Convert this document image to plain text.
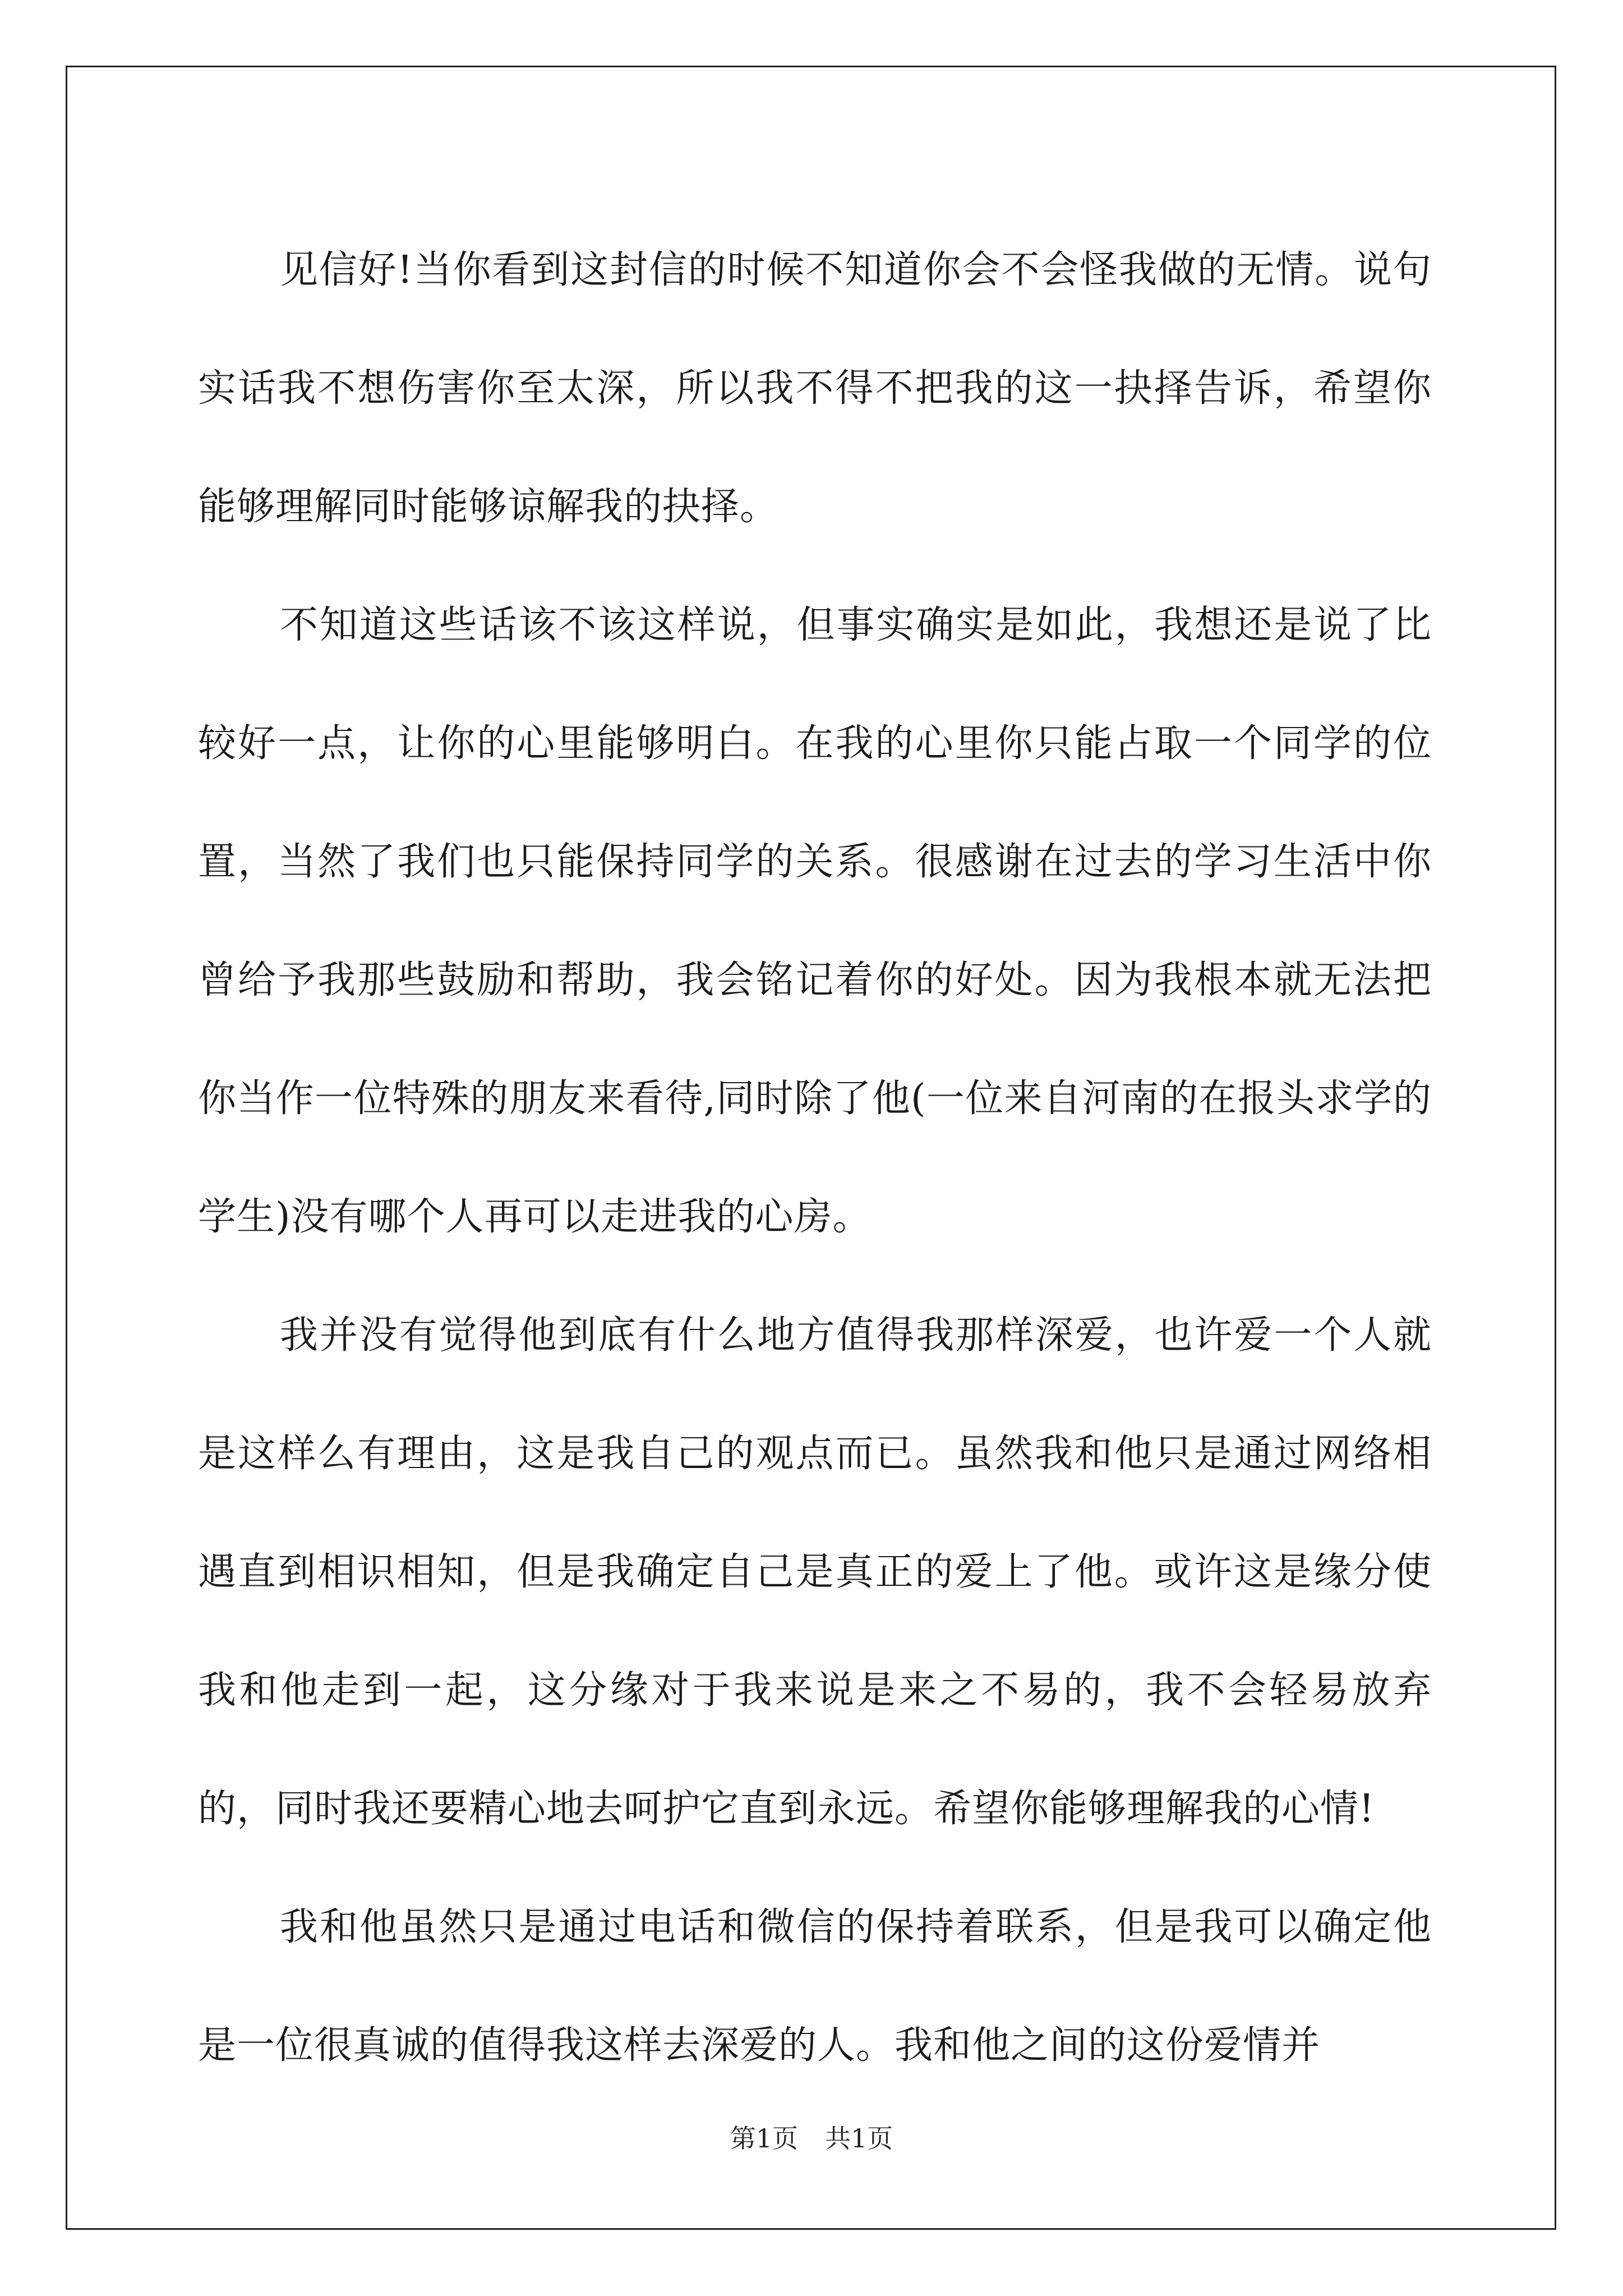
见信好!当你看到这封信的时候不知道你会不会怪我做的无情。说句实话我不想伤害你至太深，所以我不得不把我的这一抉择告诉，希望你能够理解同时能够谅解我的抉择。

不知道这些话该不该这样说，但事实确实是如此，我想还是说了比较好一点，让你的心里能够明白。在我的心里你只能占取一个同学的位置，当然了我们也只能保持同学的关系。很感谢在过去的学习生活中你曾给予我那些鼓励和帮助，我会铭记着你的好处。因为我根本就无法把你当作一位特殊的朋友来看待,同时除了他(一位来自河南的在报头求学的学生)没有哪个人再可以走进我的心房。

我并没有觉得他到底有什么地方值得我那样深爱，也许爱一个人就是这样么有理由，这是我自己的观点而已。虽然我和他只是通过网络相遇直到相识相知，但是我确定自己是真正的爱上了他。或许这是缘分使我和他走到一起，这分缘对于我来说是来之不易的，我不会轻易放弃的，同时我还要精心地去呵护它直到永远。希望你能够理解我的心情!

我和他虽然只是通过电话和微信的保持着联系，但是我可以确定他是一位很真诚的值得我这样去深爱的人。我和他之间的这份爱情并

第1页 共1页
